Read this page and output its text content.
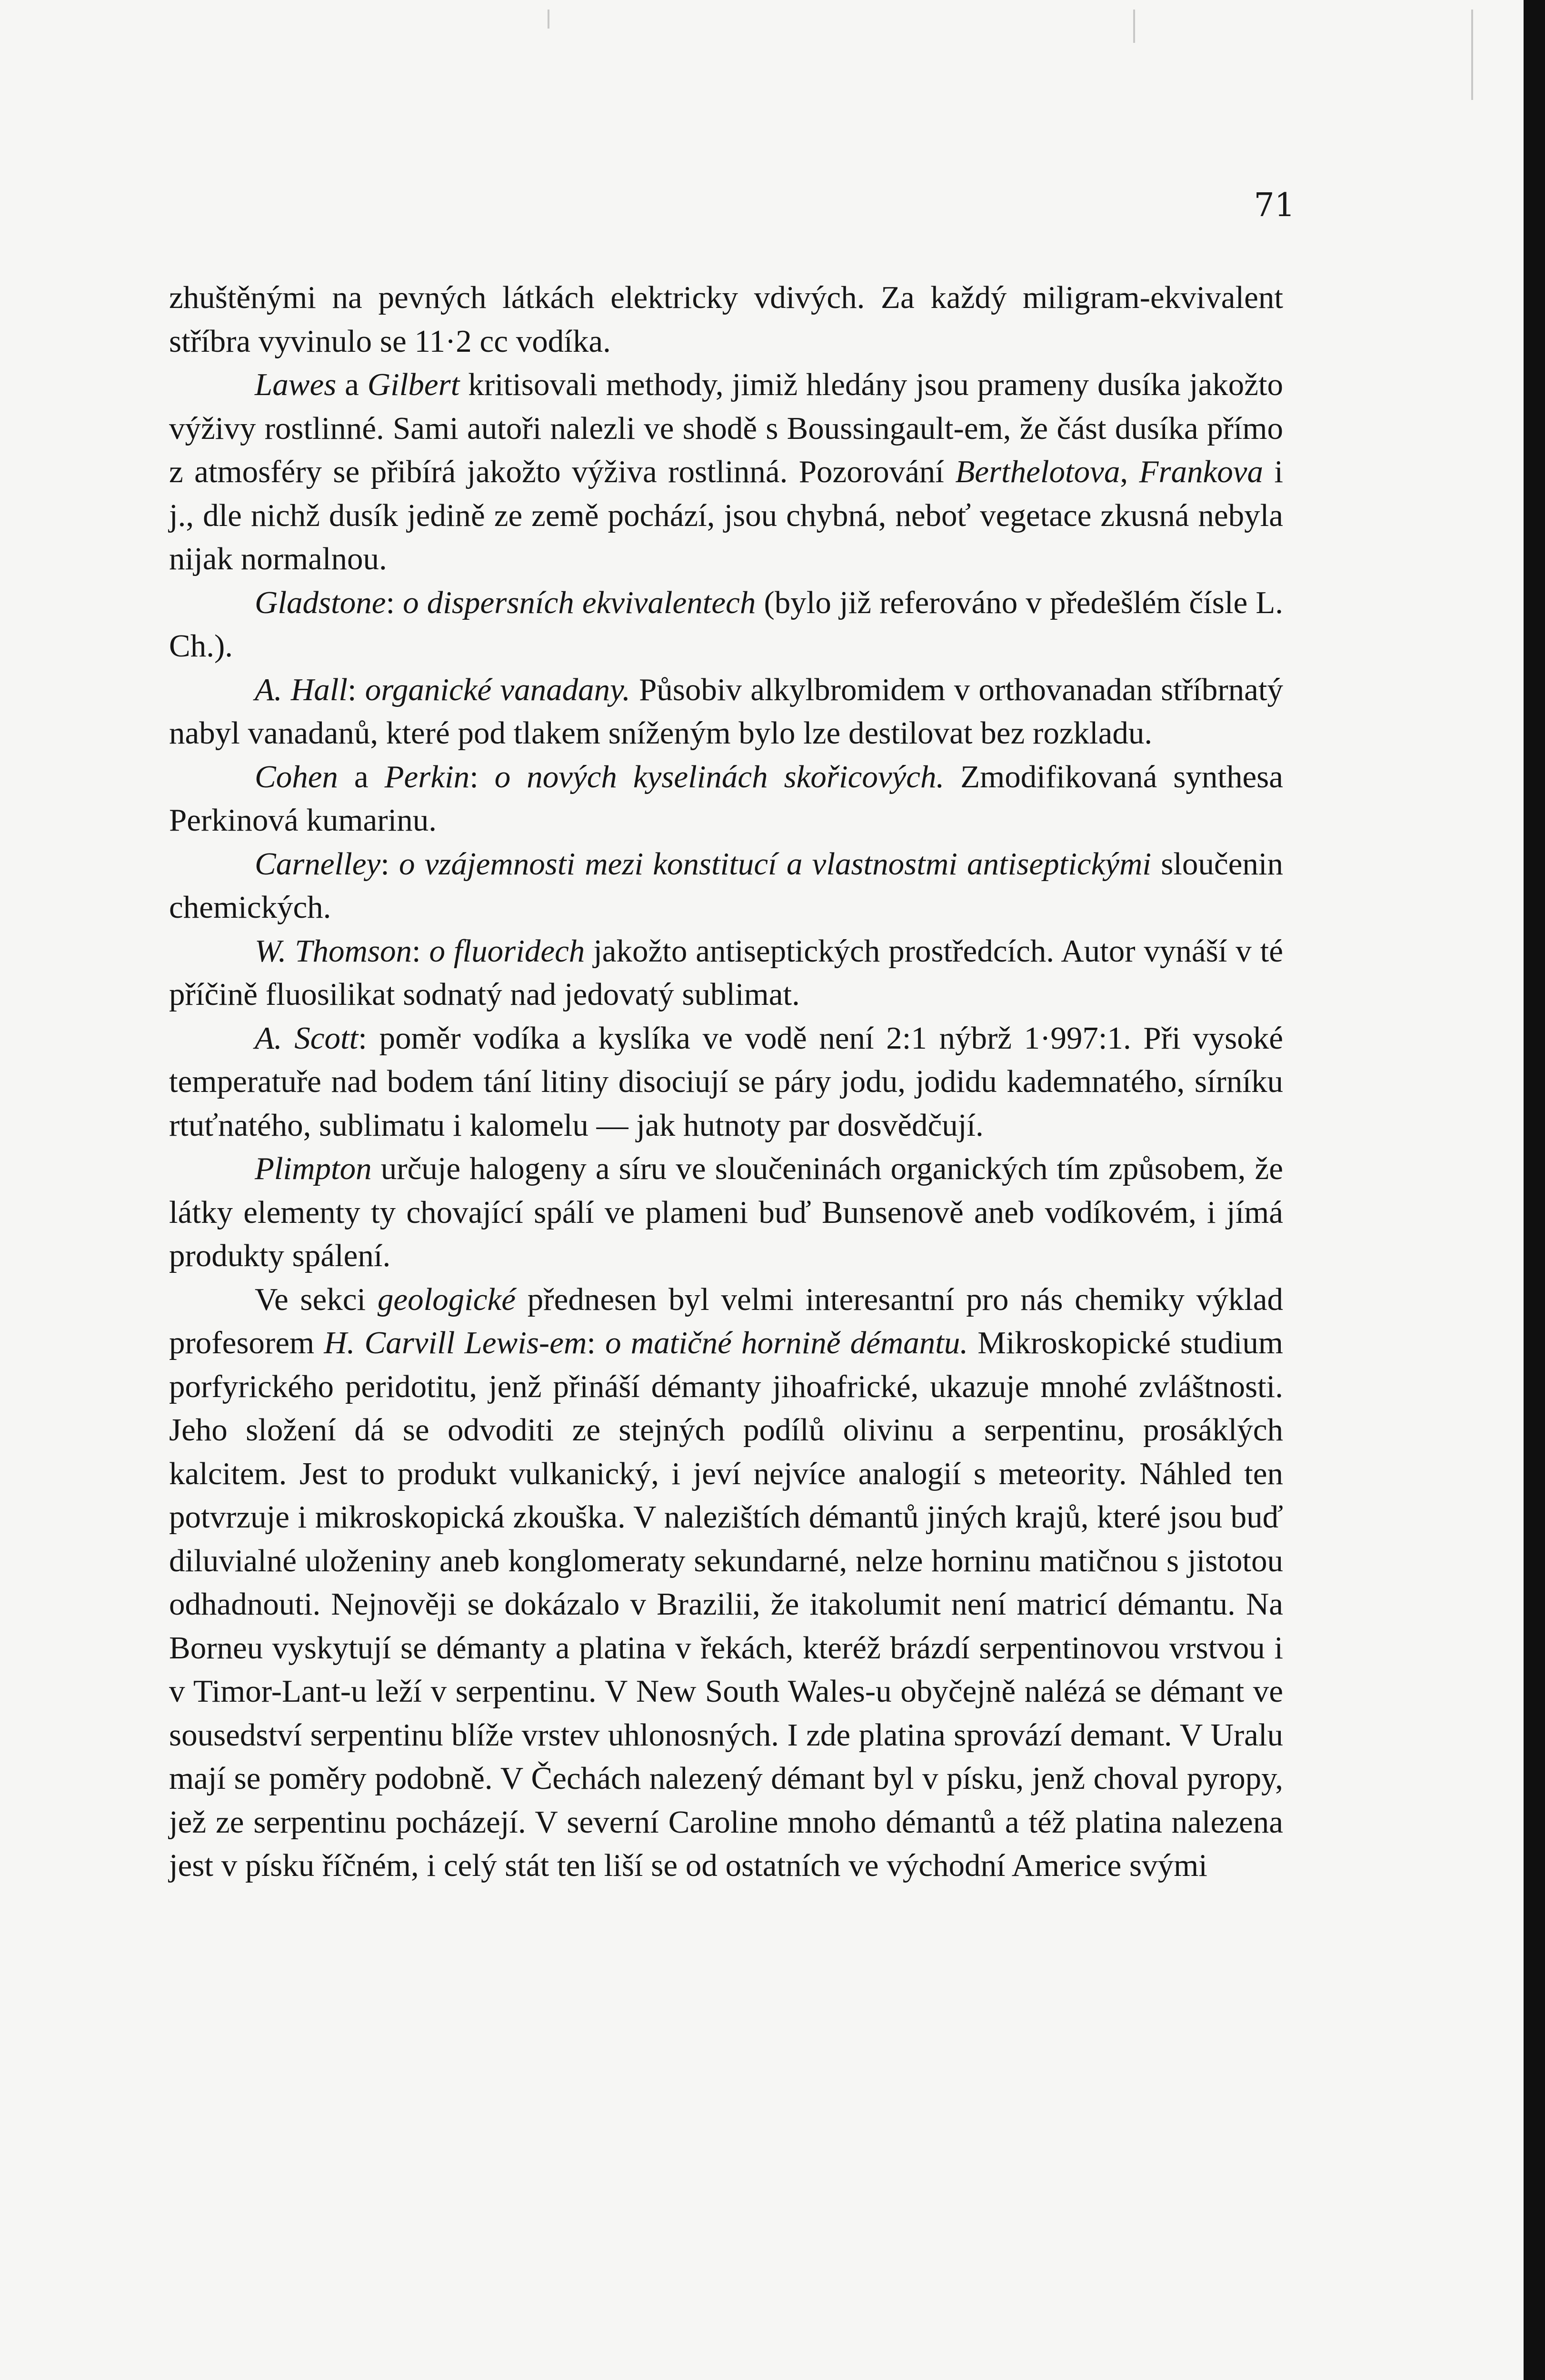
71

zhuštěnými na pevných látkách elektricky vdivých. Za každý miligram-ekvivalent stříbra vyvinulo se 11·2 cc vodíka.

Lawes a Gilbert kritisovali methody, jimiž hledány jsou prameny dusíka jakožto výživy rostlinné. Sami autoři nalezli ve shodě s Boussingault-em, že část dusíka přímo z atmosféry se přibírá jakožto výživa rostlinná. Pozorování Berthelotova, Frankova i j., dle nichž dusík jedině ze země pochází, jsou chybná, neboť vegetace zkusná nebyla nijak normalnou.

Gladstone: o dispersních ekvivalentech (bylo již referováno v předešlém čísle L. Ch.).

A. Hall: organické vanadany. Působiv alkylbromidem v orthovanadan stříbrnatý nabyl vanadanů, které pod tlakem sníženým bylo lze destilovat bez rozkladu.

Cohen a Perkin: o nových kyselinách skořicových. Zmodifikovaná synthesa Perkinová kumarinu.

Carnelley: o vzájemnosti mezi konstitucí a vlastnostmi antiseptickými sloučenin chemických.

W. Thomson: o fluoridech jakožto antiseptických prostředcích. Autor vynáší v té příčině fluosilikat sodnatý nad jedovatý sublimat.

A. Scott: poměr vodíka a kyslíka ve vodě není 2:1 nýbrž 1·997:1. Při vysoké temperatuře nad bodem tání litiny disociují se páry jodu, jodidu kademnatého, sírníku rtuťnatého, sublimatu i kalomelu — jak hutnoty par dosvědčují.

Plimpton určuje halogeny a síru ve sloučeninách organických tím způsobem, že látky elementy ty chovající spálí ve plameni buď Bunsenově aneb vodíkovém, i jímá produkty spálení.

Ve sekci geologické přednesen byl velmi interesantní pro nás chemiky výklad profesorem H. Carvill Lewis-em: o matičné hornině démantu. Mikroskopické studium porfyrického peridotitu, jenž přináší démanty jihoafrické, ukazuje mnohé zvláštnosti. Jeho složení dá se odvoditi ze stejných podílů olivinu a serpentinu, prosáklých kalcitem. Jest to produkt vulkanický, i jeví nejvíce analogií s meteority. Náhled ten potvrzuje i mikroskopická zkouška. V nalezištích démantů jiných krajů, které jsou buď diluvialné uloženiny aneb konglomeraty sekundarné, nelze horninu matičnou s jistotou odhadnouti. Nejnověji se dokázalo v Brazilii, že itakolumit není matricí démantu. Na Borneu vyskytují se démanty a platina v řekách, kteréž brázdí serpentinovou vrstvou i v Timor-Lant-u leží v serpentinu. V New South Wales-u obyčejně nalézá se démant ve sousedství serpentinu blíže vrstev uhlonosných. I zde platina sprovází demant. V Uralu mají se poměry podobně. V Čechách nalezený démant byl v písku, jenž choval pyropy, jež ze serpentinu pocházejí. V severní Caroline mnoho démantů a též platina nalezena jest v písku říčném, i celý stát ten liší se od ostatních ve východní Americe svými
